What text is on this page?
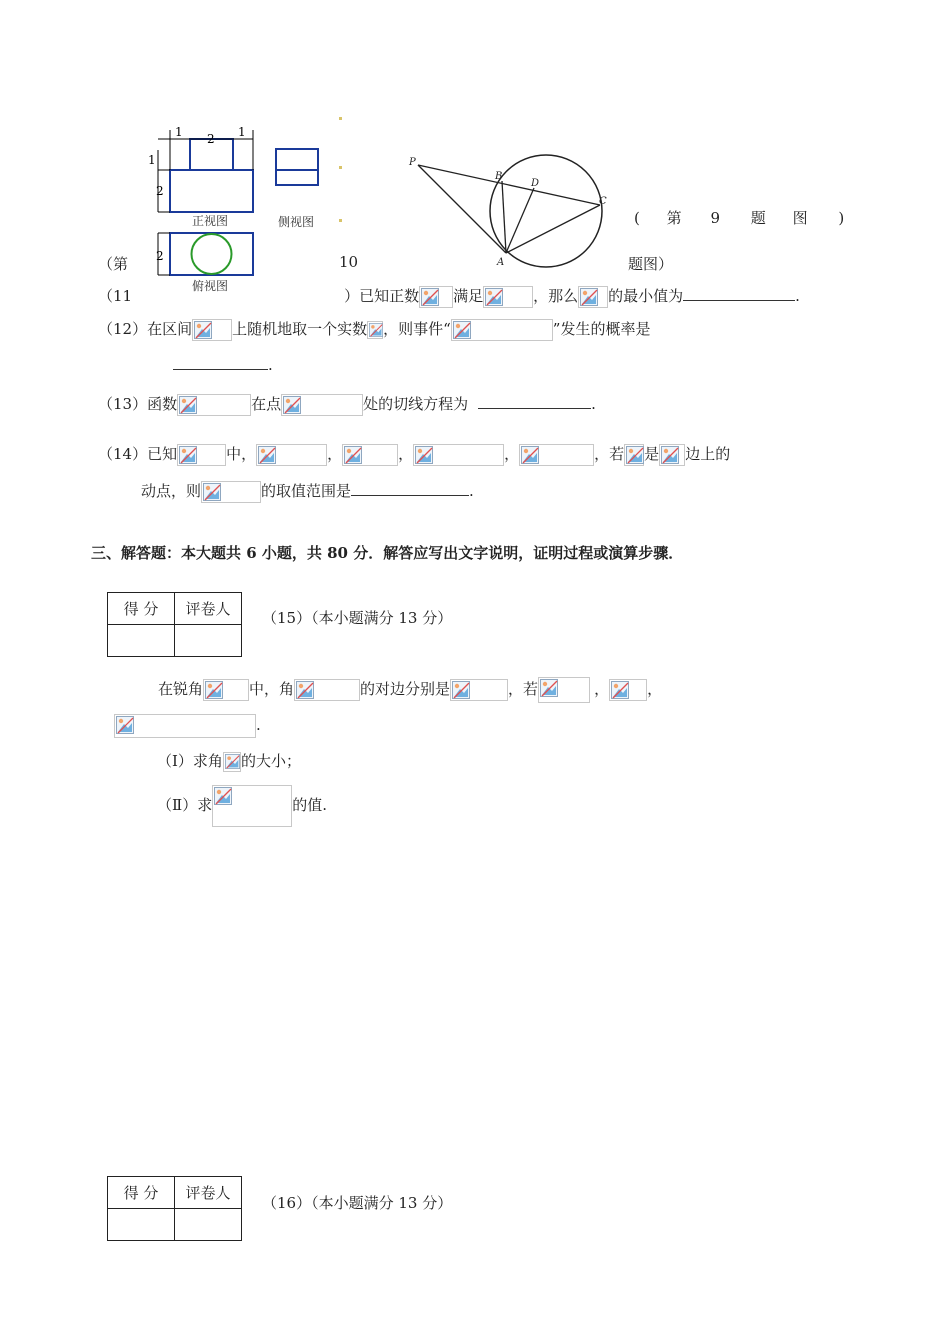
1 2 1
1
2
2
正视图	侧视图
俯视图
P
B
D
C
A
( 第 9 题 图 )
（第	10	题图）
（11	）已知正数 满足	，那么 的最小值为	.
（12）在区间	上随机地取一个实数 ，则事件“	”发生的概率是
.
（13）函数	在点	处的切线方程为	.
（14）已知	中，	，	，	，	，若 是 边上的
动点，则	的取值范围是	.
三、解答题：本大题共 6 小题，共 80 分．解答应写出文字说明，证明过程或演算步骤．
得 分	评卷人
	（15）（本小题满分 13 分）
在锐角	中，角	的对边分别是	，若	，	，
.
（Ⅰ）求角 的大小；
（Ⅱ）求	的值.
得 分	评卷人

（16）（本小题满分 13 分）
